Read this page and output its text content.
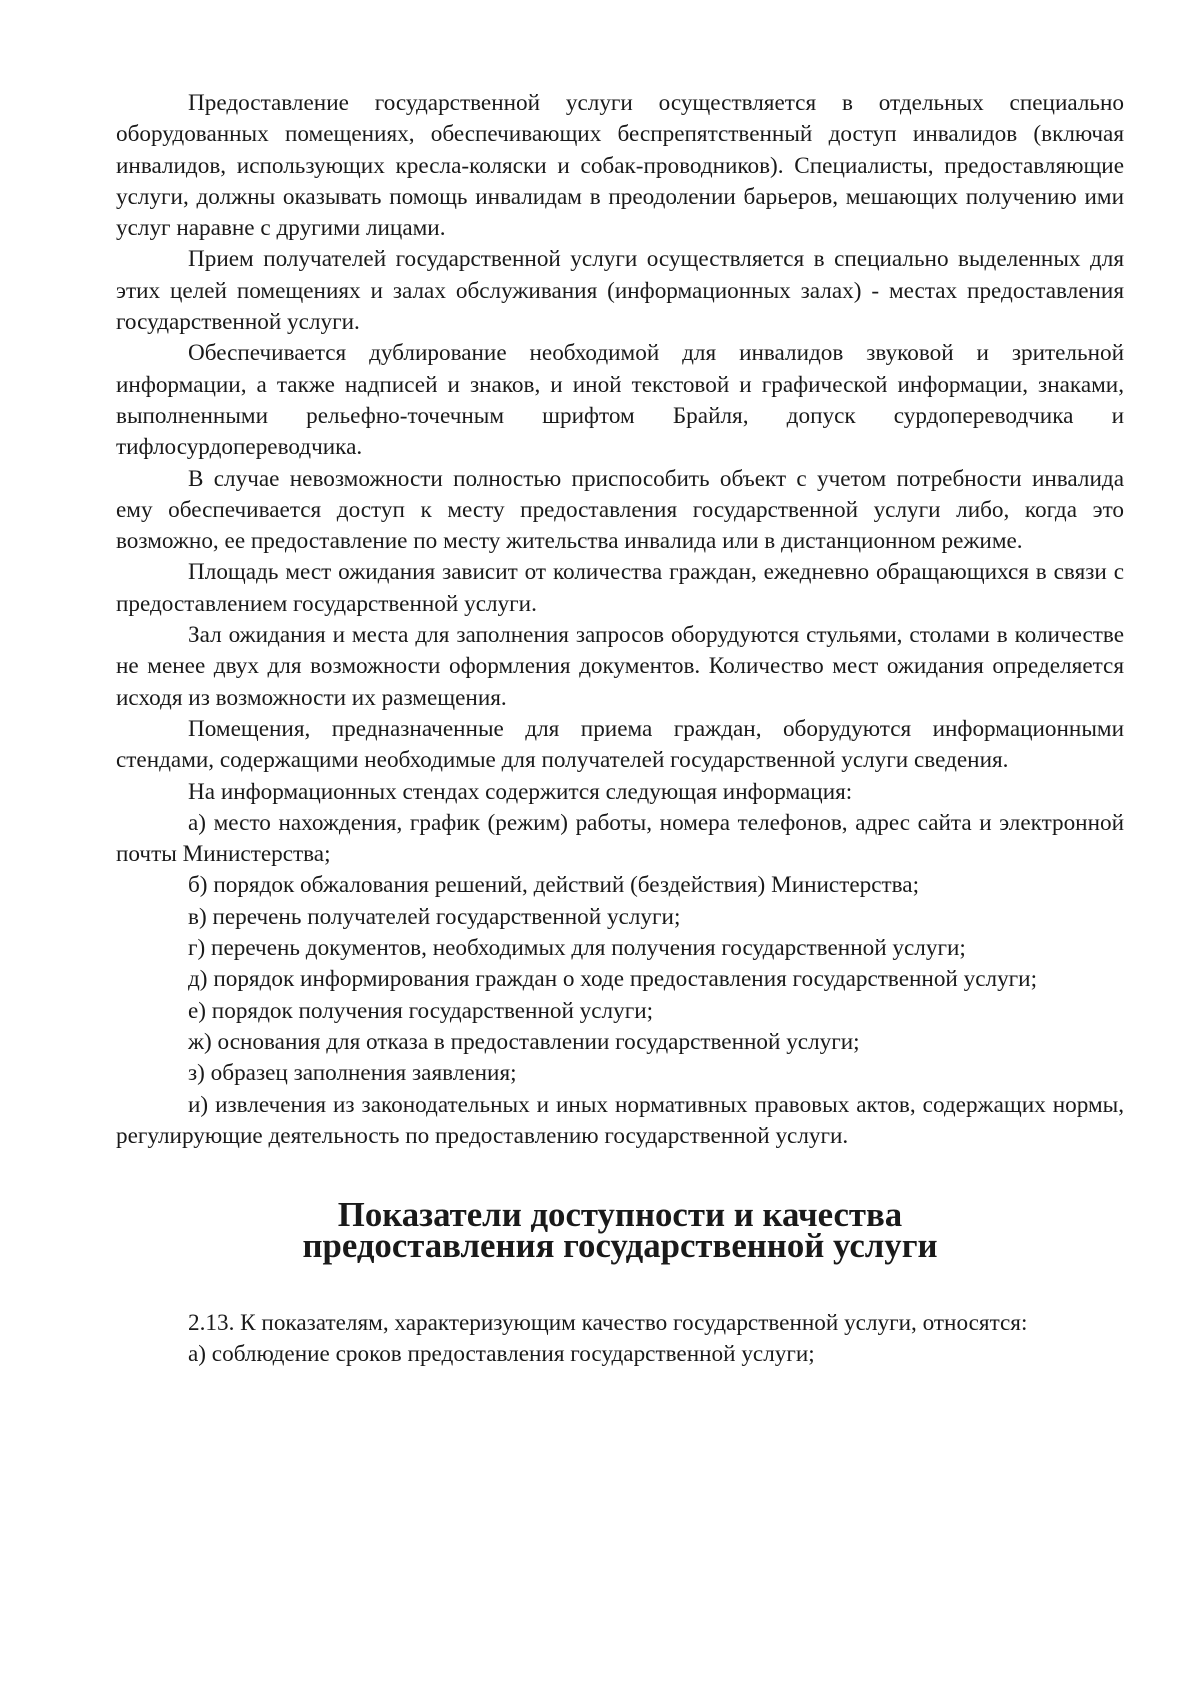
Предоставление государственной услуги осуществляется в отдельных специально оборудованных помещениях, обеспечивающих беспрепятственный доступ инвалидов (включая инвалидов, использующих кресла-коляски и собак-проводников). Специалисты, предоставляющие услуги, должны оказывать помощь инвалидам в преодолении барьеров, мешающих получению ими услуг наравне с другими лицами.

Прием получателей государственной услуги осуществляется в специально выделенных для этих целей помещениях и залах обслуживания (информационных залах) - местах предоставления государственной услуги.

Обеспечивается дублирование необходимой для инвалидов звуковой и зрительной информации, а также надписей и знаков, и иной текстовой и графической информации, знаками, выполненными рельефно-точечным шрифтом Брайля, допуск сурдопереводчика и тифлосурдопереводчика.

В случае невозможности полностью приспособить объект с учетом потребности инвалида ему обеспечивается доступ к месту предоставления государственной услуги либо, когда это возможно, ее предоставление по месту жительства инвалида или в дистанционном режиме.

Площадь мест ожидания зависит от количества граждан, ежедневно обращающихся в связи с предоставлением государственной услуги.

Зал ожидания и места для заполнения запросов оборудуются стульями, столами в количестве не менее двух для возможности оформления документов. Количество мест ожидания определяется исходя из возможности их размещения.

Помещения, предназначенные для приема граждан, оборудуются информационными стендами, содержащими необходимые для получателей государственной услуги сведения.

На информационных стендах содержится следующая информация:

а) место нахождения, график (режим) работы, номера телефонов, адрес сайта и электронной почты Министерства;

б) порядок обжалования решений, действий (бездействия) Министерства;

в) перечень получателей государственной услуги;

г) перечень документов, необходимых для получения государственной услуги;

д) порядок информирования граждан о ходе предоставления государственной услуги;

е) порядок получения государственной услуги;

ж) основания для отказа в предоставлении государственной услуги;

з) образец заполнения заявления;

и) извлечения из законодательных и иных нормативных правовых актов, содержащих нормы, регулирующие деятельность по предоставлению государственной услуги.

Показатели доступности и качества предоставления государственной услуги

2.13. К показателям, характеризующим качество государственной услуги, относятся:

а) соблюдение сроков предоставления государственной услуги;
